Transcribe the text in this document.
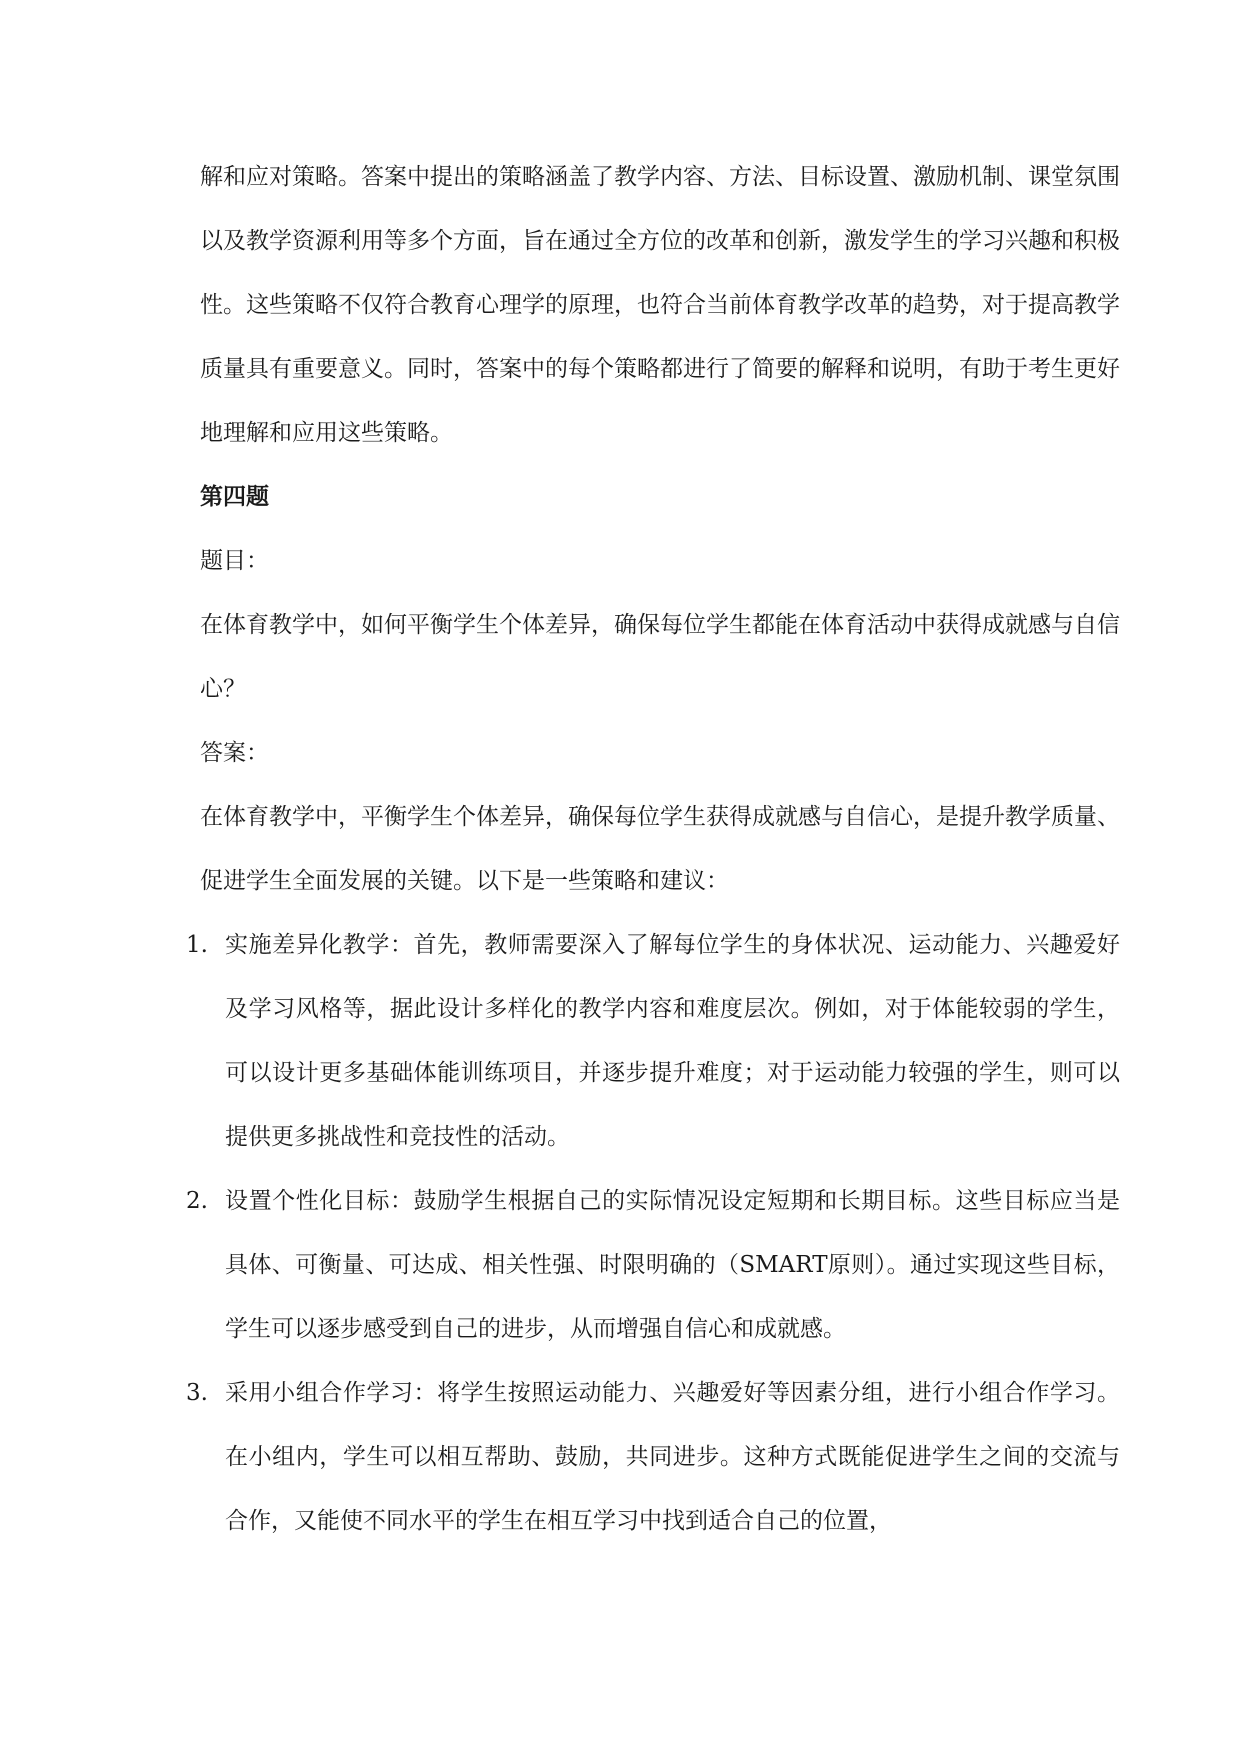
解和应对策略。答案中提出的策略涵盖了教学内容、方法、目标设置、激励机制、课堂氛围以及教学资源利用等多个方面，旨在通过全方位的改革和创新，激发学生的学习兴趣和积极性。这些策略不仅符合教育心理学的原理，也符合当前体育教学改革的趋势，对于提高教学质量具有重要意义。同时，答案中的每个策略都进行了简要的解释和说明，有助于考生更好地理解和应用这些策略。

第四题

题目：

在体育教学中，如何平衡学生个体差异，确保每位学生都能在体育活动中获得成就感与自信心？

答案：

在体育教学中，平衡学生个体差异，确保每位学生获得成就感与自信心，是提升教学质量、促进学生全面发展的关键。以下是一些策略和建议：

1. 实施差异化教学：首先，教师需要深入了解每位学生的身体状况、运动能力、兴趣爱好及学习风格等，据此设计多样化的教学内容和难度层次。例如，对于体能较弱的学生，可以设计更多基础体能训练项目，并逐步提升难度；对于运动能力较强的学生，则可以提供更多挑战性和竞技性的活动。
2. 设置个性化目标：鼓励学生根据自己的实际情况设定短期和长期目标。这些目标应当是具体、可衡量、可达成、相关性强、时限明确的（SMART原则）。通过实现这些目标，学生可以逐步感受到自己的进步，从而增强自信心和成就感。
3. 采用小组合作学习：将学生按照运动能力、兴趣爱好等因素分组，进行小组合作学习。在小组内，学生可以相互帮助、鼓励，共同进步。这种方式既能促进学生之间的交流与合作，又能使不同水平的学生在相互学习中找到适合自己的位置，
